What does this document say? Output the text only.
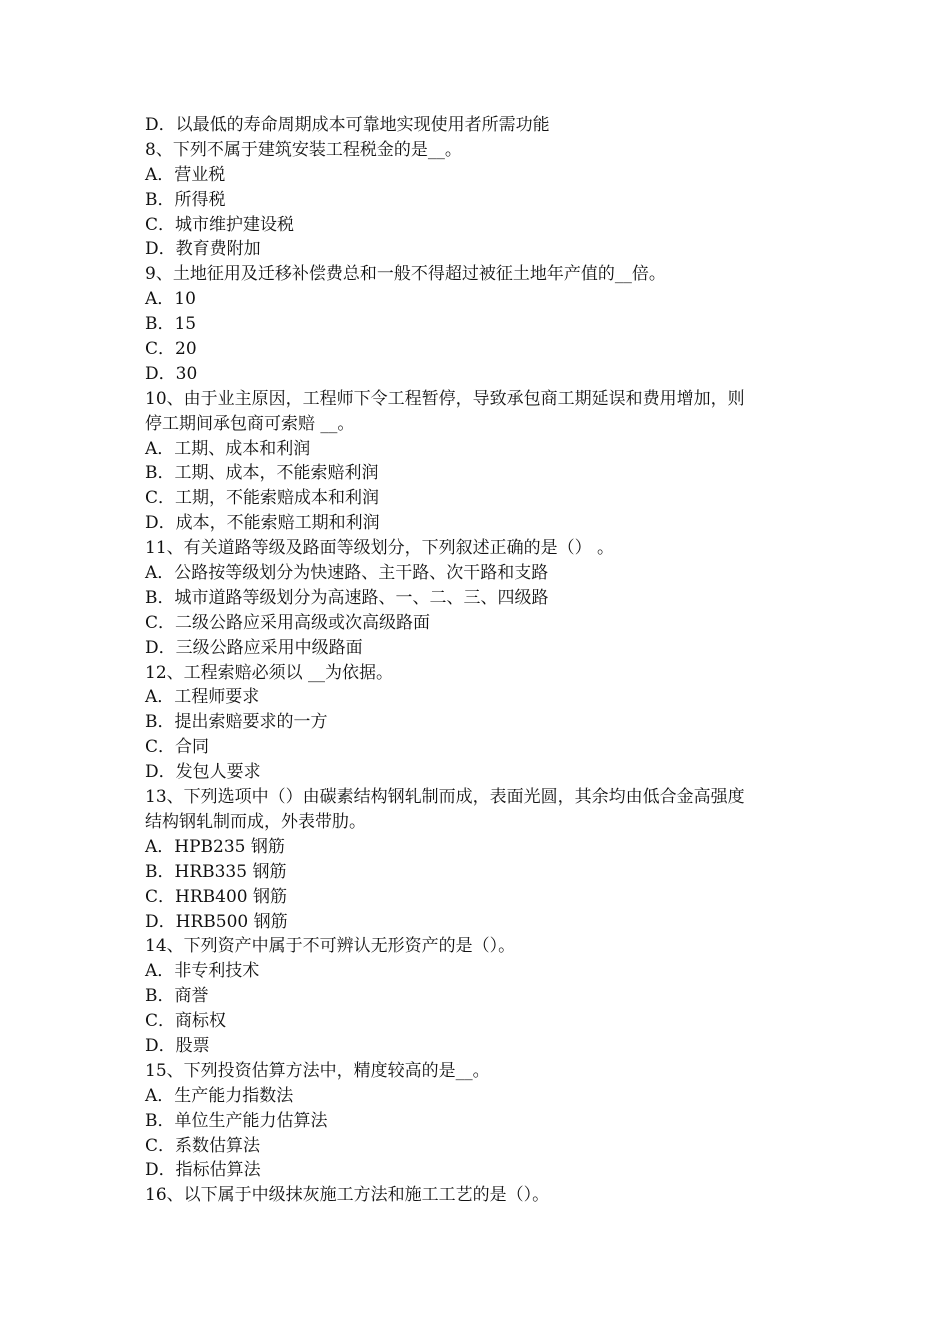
D．以最低的寿命周期成本可靠地实现使用者所需功能

8、下列不属于建筑安装工程税金的是__。

A．营业税

B．所得税

C．城市维护建设税

D．教育费附加

9、土地征用及迁移补偿费总和一般不得超过被征土地年产值的__倍。

A．10

B．15

C．20

D．30

10、由于业主原因，工程师下令工程暂停，导致承包商工期延误和费用增加，则

停工期间承包商可索赔 __。

A．工期、成本和利润

B．工期、成本，不能索赔利润

C．工期，不能索赔成本和利润

D．成本，不能索赔工期和利润

11、有关道路等级及路面等级划分，下列叙述正确的是（） 。

A．公路按等级划分为快速路、主干路、次干路和支路

B．城市道路等级划分为高速路、一、二、三、四级路

C．二级公路应采用高级或次高级路面

D．三级公路应采用中级路面

12、工程索赔必须以 __为依据。

A．工程师要求

B．提出索赔要求的一方

C．合同

D．发包人要求

13、下列选项中（）由碳素结构钢轧制而成，表面光圆，其余均由低合金高强度

结构钢轧制而成，外表带肋。

A．HPB235 钢筋

B．HRB335 钢筋

C．HRB400 钢筋

D．HRB500 钢筋

14、下列资产中属于不可辨认无形资产的是（）。

A．非专利技术

B．商誉

C．商标权

D．股票

15、下列投资估算方法中，精度较高的是__。

A．生产能力指数法

B．单位生产能力估算法

C．系数估算法

D．指标估算法

16、以下属于中级抹灰施工方法和施工工艺的是（）。
